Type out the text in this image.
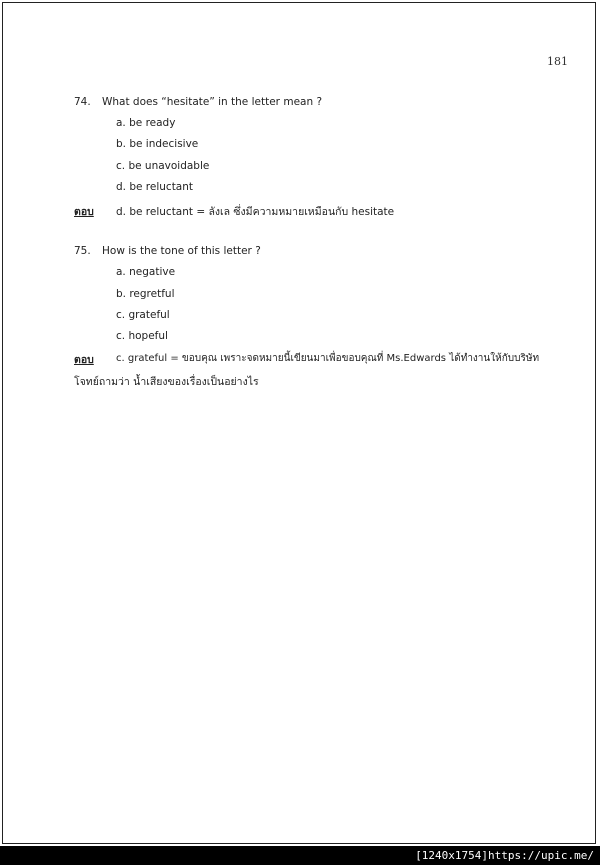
181
74. What does “hesitate” in the letter mean ?
a. be ready
b. be indecisive
c. be unavoidable
d. be reluctant
ตอบ d. be reluctant = ลังเล ซึ่งมีความหมายเหมือนกับ hesitate
75. How is the tone of this letter ?
a. negative
b. regretful
c. grateful
c. hopeful
ตอบ c. grateful = ขอบคุณ เพราะจดหมายนี้เขียนมาเพื่อขอบคุณที่ Ms.Edwards ได้ทำงานให้กับบริษัท
โจทย์ถามว่า น้ำเสียงของเรื่องเป็นอย่างไร
[1240x1754]https://upic.me/
